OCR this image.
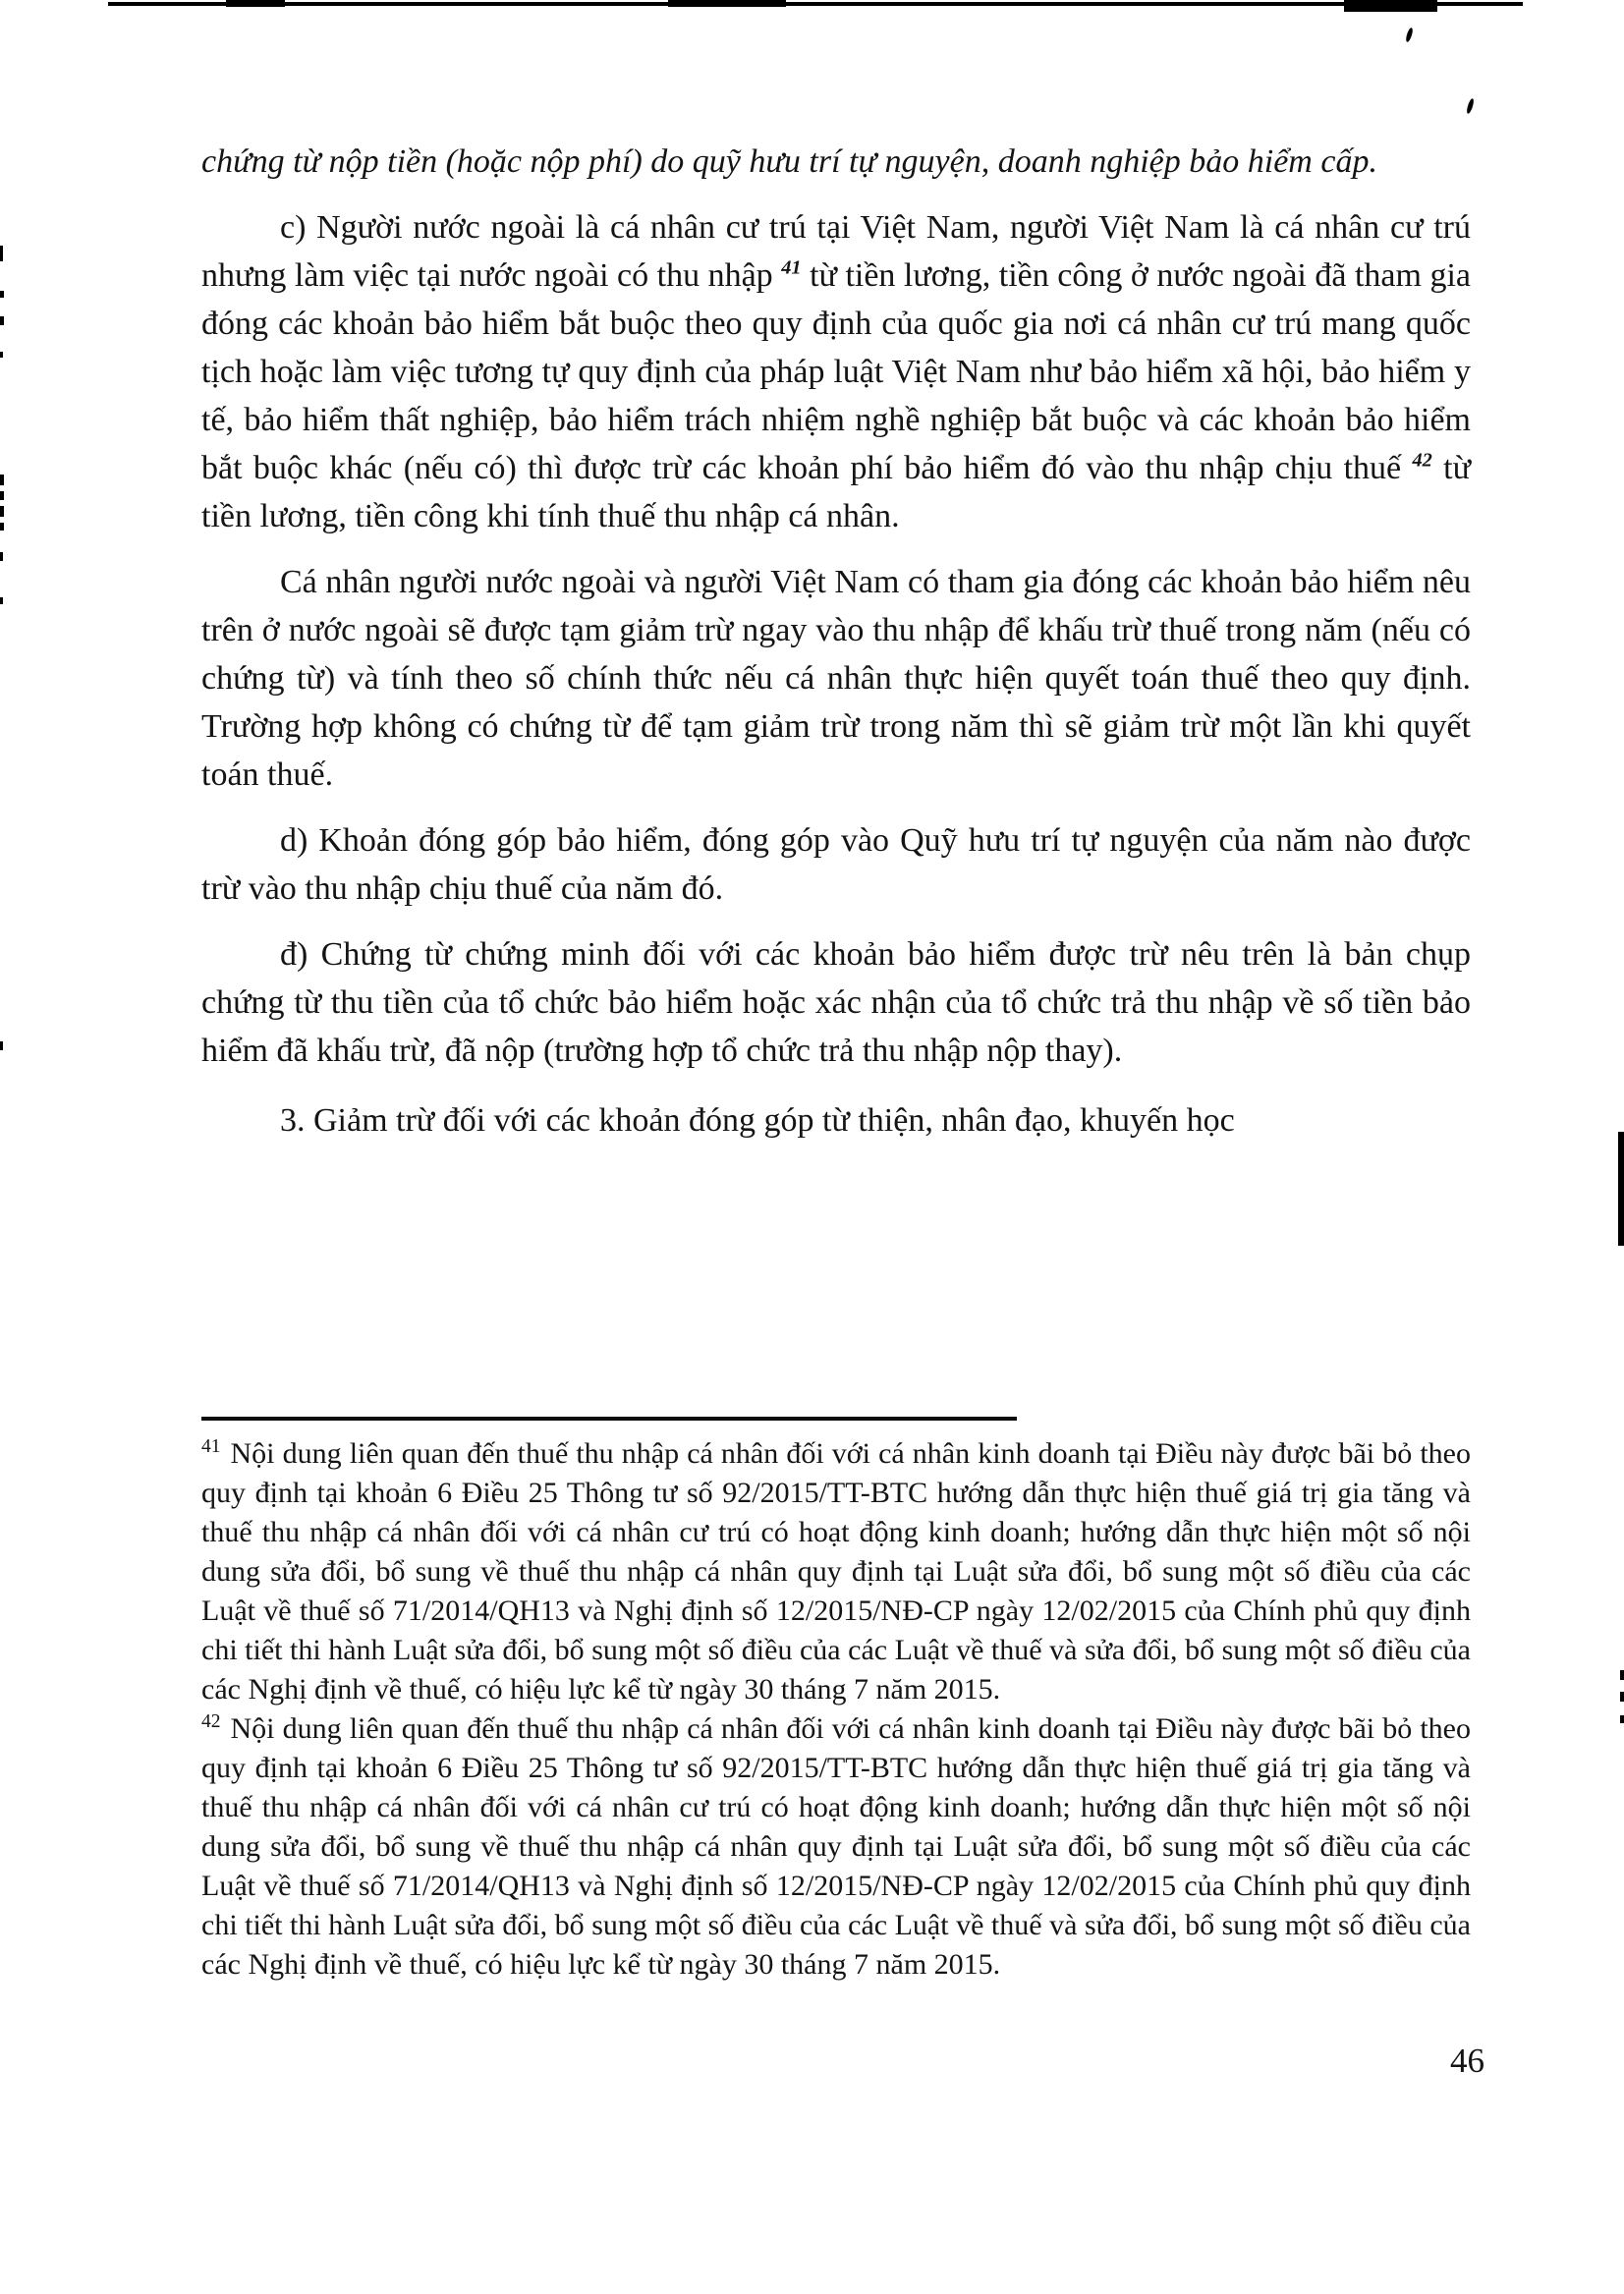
chứng từ nộp tiền (hoặc nộp phí) do quỹ hưu trí tự nguyện, doanh nghiệp bảo hiểm cấp.

c) Người nước ngoài là cá nhân cư trú tại Việt Nam, người Việt Nam là cá nhân cư trú nhưng làm việc tại nước ngoài có thu nhập $^{41}$ từ tiền lương, tiền công ở nước ngoài đã tham gia đóng các khoản bảo hiểm bắt buộc theo quy định của quốc gia nơi cá nhân cư trú mang quốc tịch hoặc làm việc tương tự quy định của pháp luật Việt Nam như bảo hiểm xã hội, bảo hiểm y tế, bảo hiểm thất nghiệp, bảo hiểm trách nhiệm nghề nghiệp bắt buộc và các khoản bảo hiểm bắt buộc khác (nếu có) thì được trừ các khoản phí bảo hiểm đó vào thu nhập chịu thuế $^{42}$ từ tiền lương, tiền công khi tính thuế thu nhập cá nhân.

Cá nhân người nước ngoài và người Việt Nam có tham gia đóng các khoản bảo hiểm nêu trên ở nước ngoài sẽ được tạm giảm trừ ngay vào thu nhập để khấu trừ thuế trong năm (nếu có chứng từ) và tính theo số chính thức nếu cá nhân thực hiện quyết toán thuế theo quy định. Trường hợp không có chứng từ để tạm giảm trừ trong năm thì sẽ giảm trừ một lần khi quyết toán thuế.

d) Khoản đóng góp bảo hiểm, đóng góp vào Quỹ hưu trí tự nguyện của năm nào được trừ vào thu nhập chịu thuế của năm đó.

đ) Chứng từ chứng minh đối với các khoản bảo hiểm được trừ nêu trên là bản chụp chứng từ thu tiền của tổ chức bảo hiểm hoặc xác nhận của tổ chức trả thu nhập về số tiền bảo hiểm đã khấu trừ, đã nộp (trường hợp tổ chức trả thu nhập nộp thay).

3. Giảm trừ đối với các khoản đóng góp từ thiện, nhân đạo, khuyến học

$^{41}$ Nội dung liên quan đến thuế thu nhập cá nhân đối với cá nhân kinh doanh tại Điều này được bãi bỏ theo quy định tại khoản 6 Điều 25 Thông tư số 92/2015/TT-BTC hướng dẫn thực hiện thuế giá trị gia tăng và thuế thu nhập cá nhân đối với cá nhân cư trú có hoạt động kinh doanh; hướng dẫn thực hiện một số nội dung sửa đổi, bổ sung về thuế thu nhập cá nhân quy định tại Luật sửa đổi, bổ sung một số điều của các Luật về thuế số 71/2014/QH13 và Nghị định số 12/2015/NĐ-CP ngày 12/02/2015 của Chính phủ quy định chi tiết thi hành Luật sửa đổi, bổ sung một số điều của các Luật về thuế và sửa đổi, bổ sung một số điều của các Nghị định về thuế, có hiệu lực kể từ ngày 30 tháng 7 năm 2015.
$^{42}$ Nội dung liên quan đến thuế thu nhập cá nhân đối với cá nhân kinh doanh tại Điều này được bãi bỏ theo quy định tại khoản 6 Điều 25 Thông tư số 92/2015/TT-BTC hướng dẫn thực hiện thuế giá trị gia tăng và thuế thu nhập cá nhân đối với cá nhân cư trú có hoạt động kinh doanh; hướng dẫn thực hiện một số nội dung sửa đổi, bổ sung về thuế thu nhập cá nhân quy định tại Luật sửa đổi, bổ sung một số điều của các Luật về thuế số 71/2014/QH13 và Nghị định số 12/2015/NĐ-CP ngày 12/02/2015 của Chính phủ quy định chi tiết thi hành Luật sửa đổi, bổ sung một số điều của các Luật về thuế và sửa đổi, bổ sung một số điều của các Nghị định về thuế, có hiệu lực kể từ ngày 30 tháng 7 năm 2015.
46
